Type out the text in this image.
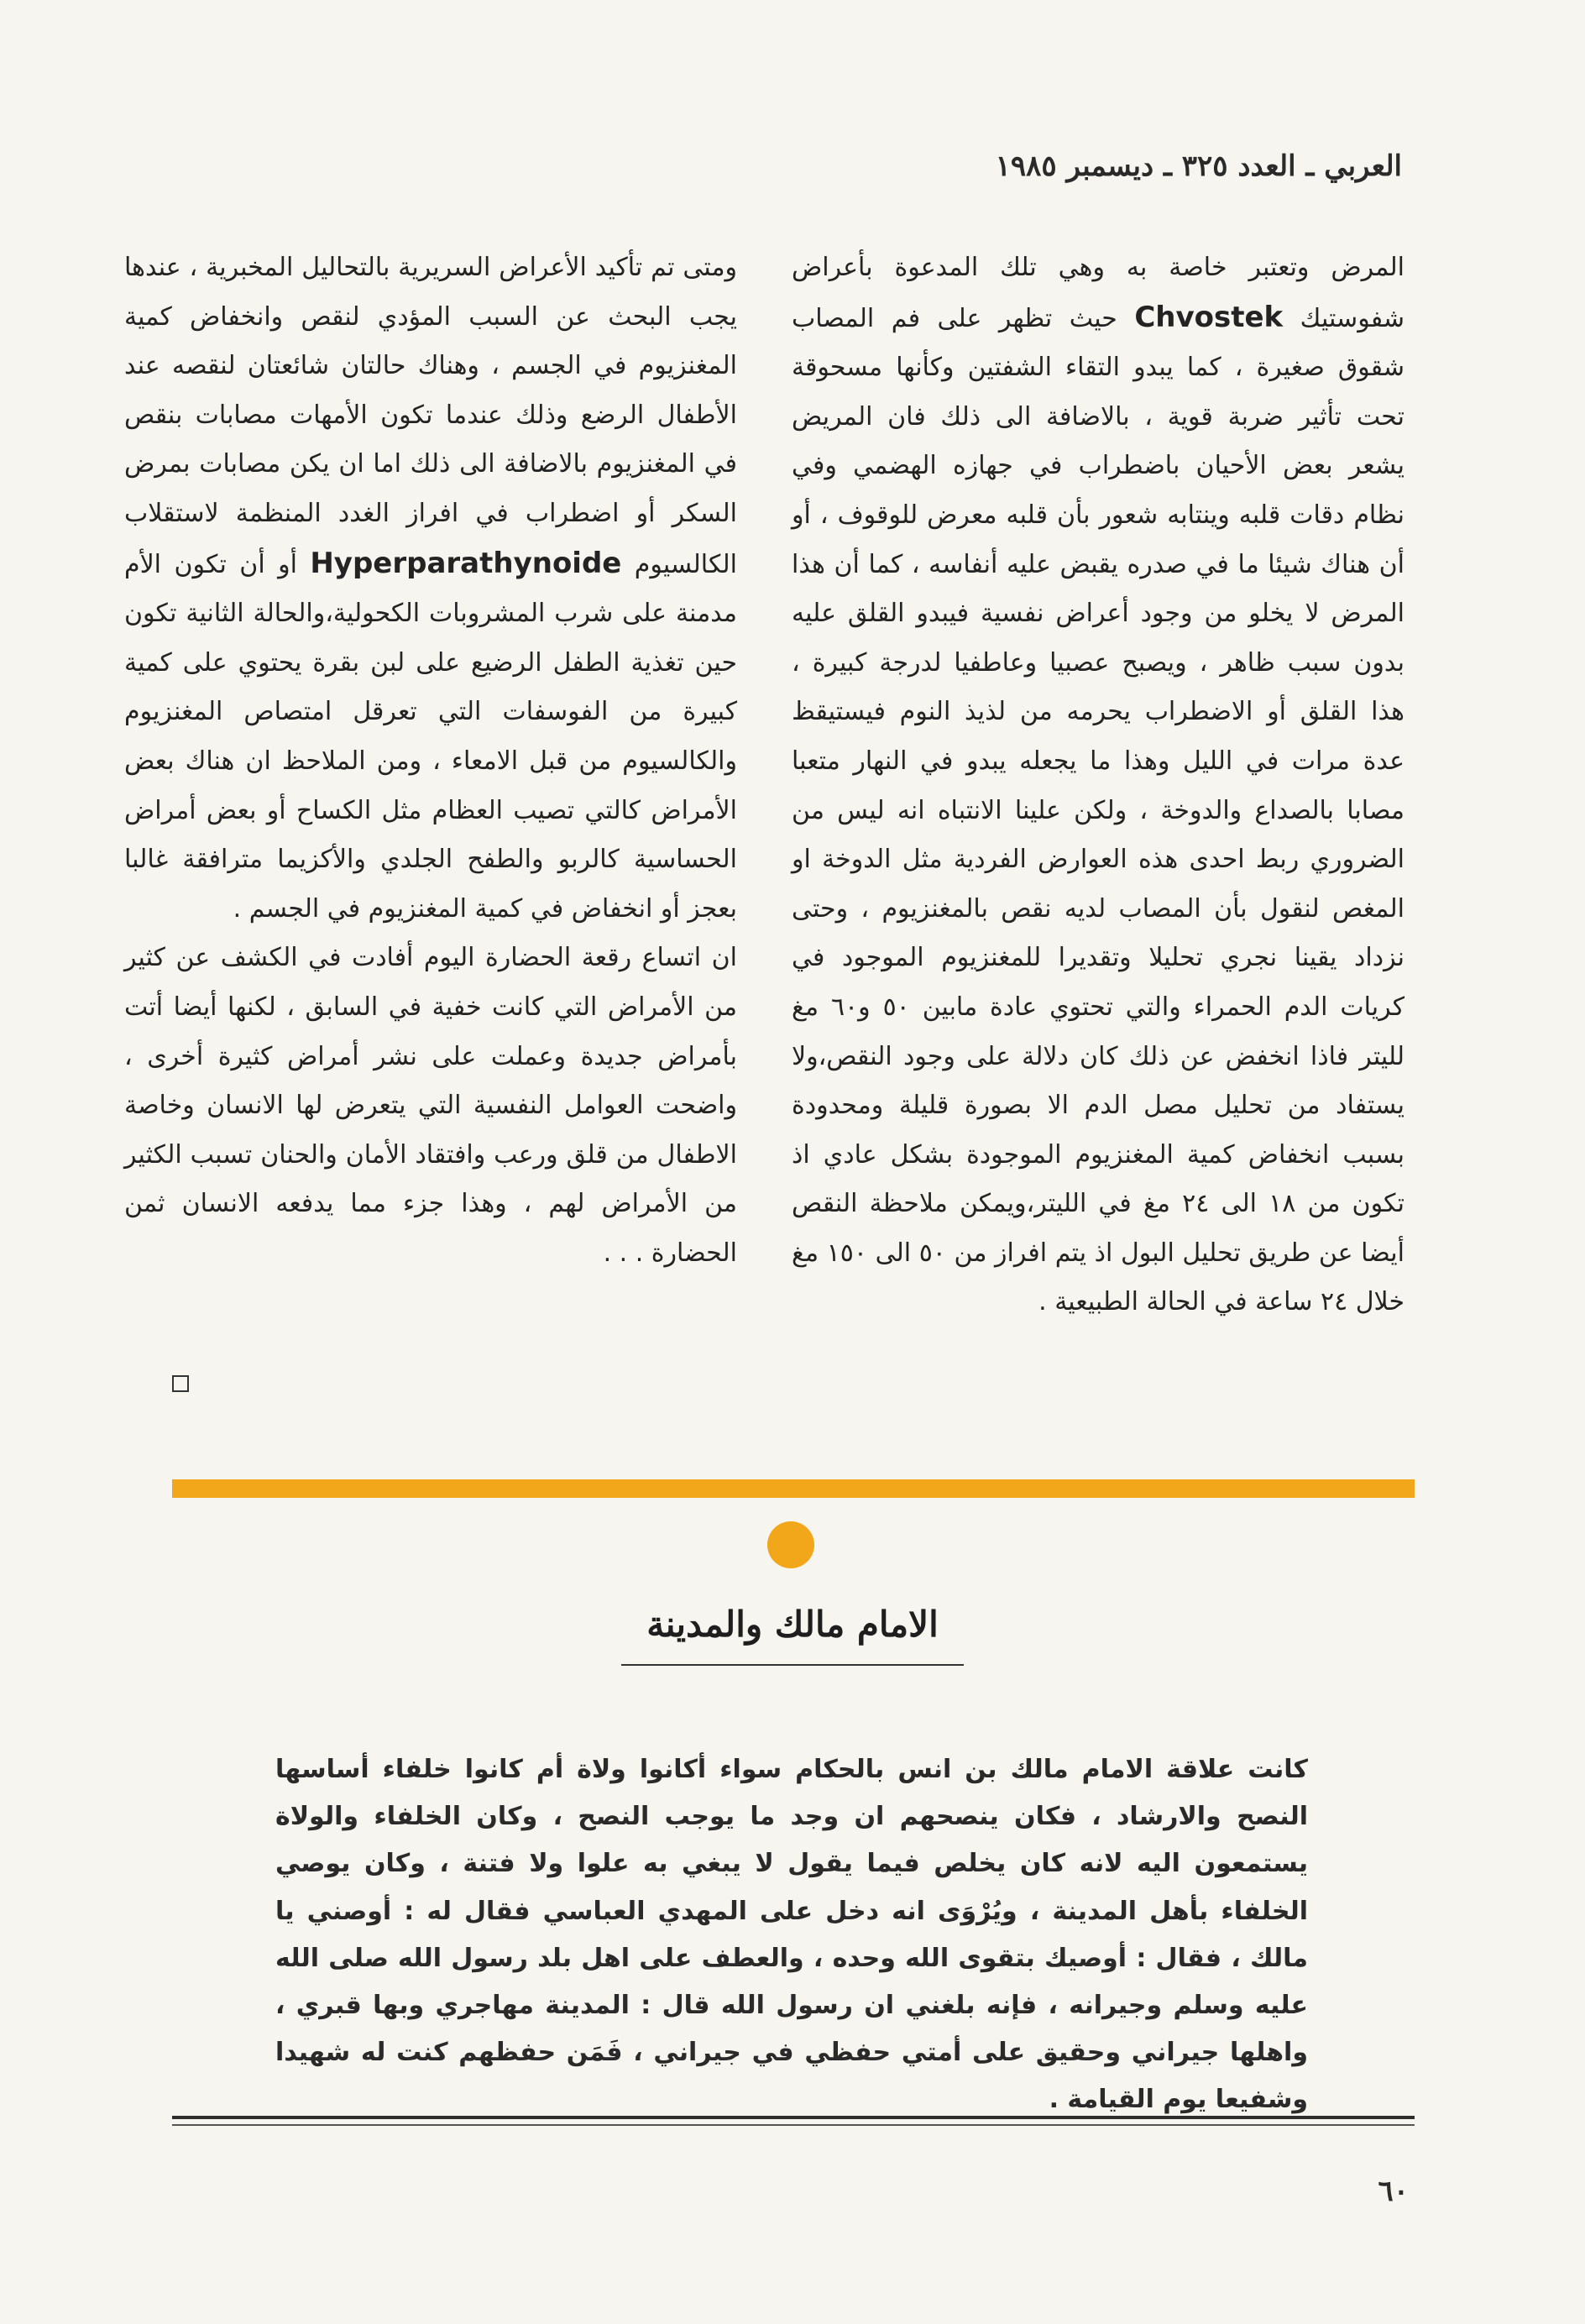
العربي ـ العدد ٣٢٥ ـ ديسمبر ١٩٨٥

المرض وتعتبر خاصة به وهي تلك المدعوة بأعراض شفوستيك Chvostek حيث تظهر على فم المصاب شقوق صغيرة ، كما يبدو التقاء الشفتين وكأنها مسحوقة تحت تأثير ضربة قوية ، بالاضافة الى ذلك فان المريض يشعر بعض الأحيان باضطراب في جهازه الهضمي وفي نظام دقات قلبه وينتابه شعور بأن قلبه معرض للوقوف ، أو أن هناك شيئا ما في صدره يقبض عليه أنفاسه ، كما أن هذا المرض لا يخلو من وجود أعراض نفسية فيبدو القلق عليه بدون سبب ظاهر ، ويصبح عصبيا وعاطفيا لدرجة كبيرة ، هذا القلق أو الاضطراب يحرمه من لذيذ النوم فيستيقظ عدة مرات في الليل وهذا ما يجعله يبدو في النهار متعبا مصابا بالصداع والدوخة ، ولكن علينا الانتباه انه ليس من الضروري ربط احدى هذه العوارض الفردية مثل الدوخة او المغص لنقول بأن المصاب لديه نقص بالمغنزيوم ، وحتى نزداد يقينا نجري تحليلا وتقديرا للمغنزيوم الموجود في كريات الدم الحمراء والتي تحتوي عادة مابين ٥٠ و٦٠ مغ لليتر فاذا انخفض عن ذلك كان دلالة على وجود النقص،ولا يستفاد من تحليل مصل الدم الا بصورة قليلة ومحدودة بسبب انخفاض كمية المغنزيوم الموجودة بشكل عادي اذ تكون من ١٨ الى ٢٤ مغ في الليتر،ويمكن ملاحظة النقص أيضا عن طريق تحليل البول اذ يتم افراز من ٥٠ الى ١٥٠ مغ خلال ٢٤ ساعة في الحالة الطبيعية .

ومتى تم تأكيد الأعراض السريرية بالتحاليل المخبرية ، عندها يجب البحث عن السبب المؤدي لنقص وانخفاض كمية المغنزيوم في الجسم ، وهناك حالتان شائعتان لنقصه عند الأطفال الرضع وذلك عندما تكون الأمهات مصابات بنقص في المغنزيوم بالاضافة الى ذلك اما ان يكن مصابات بمرض السكر أو اضطراب في افراز الغدد المنظمة لاستقلاب الكالسيوم Hyperparathynoide أو أن تكون الأم مدمنة على شرب المشروبات الكحولية،والحالة الثانية تكون حين تغذية الطفل الرضيع على لبن بقرة يحتوي على كمية كبيرة من الفوسفات التي تعرقل امتصاص المغنزيوم والكالسيوم من قبل الامعاء ، ومن الملاحظ ان هناك بعض الأمراض كالتي تصيب العظام مثل الكساح أو بعض أمراض الحساسية كالربو والطفح الجلدي والأكزيما مترافقة غالبا بعجز أو انخفاض في كمية المغنزيوم في الجسم .

ان اتساع رقعة الحضارة اليوم أفادت في الكشف عن كثير من الأمراض التي كانت خفية في السابق ، لكنها أيضا أتت بأمراض جديدة وعملت على نشر أمراض كثيرة أخرى ، واضحت العوامل النفسية التي يتعرض لها الانسان وخاصة الاطفال من قلق ورعب وافتقاد الأمان والحنان تسبب الكثير من الأمراض لهم ، وهذا جزء مما يدفعه الانسان ثمن الحضارة . . .

الامام مالك والمدينة
كانت علاقة الامام مالك بن انس بالحكام سواء أكانوا ولاة أم كانوا خلفاء أساسها النصح والارشاد ، فكان ينصحهم ان وجد ما يوجب النصح ، وكان الخلفاء والولاة يستمعون اليه لانه كان يخلص فيما يقول لا يبغي به علوا ولا فتنة ، وكان يوصي الخلفاء بأهل المدينة ، ويُرْوَى انه دخل على المهدي العباسي فقال له : أوصني يا مالك ، فقال : أوصيك بتقوى الله وحده ، والعطف على اهل بلد رسول الله صلى الله عليه وسلم وجيرانه ، فإنه بلغني ان رسول الله قال : المدينة مهاجري وبها قبري ، واهلها جيراني وحقيق على أمتي حفظي في جيراني ، فَمَن حفظهم كنت له شهيدا وشفيعا يوم القيامة .
٦٠
